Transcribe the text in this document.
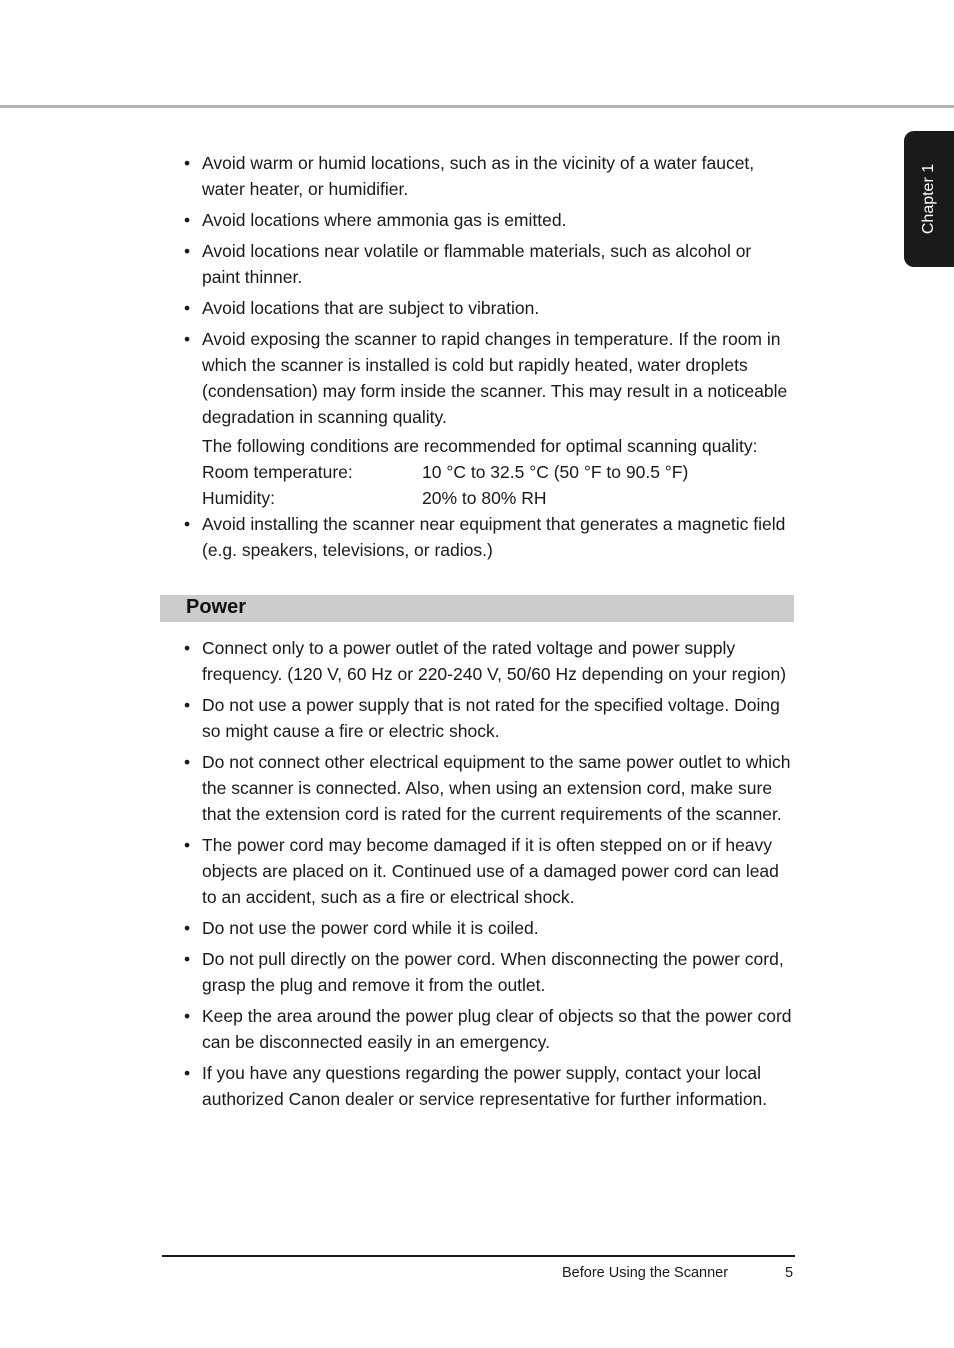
Chapter 1
• Avoid warm or humid locations, such as in the vicinity of a water faucet, water heater, or humidifier.
• Avoid locations where ammonia gas is emitted.
• Avoid locations near volatile or flammable materials, such as alcohol or paint thinner.
• Avoid locations that are subject to vibration.
• Avoid exposing the scanner to rapid changes in temperature. If the room in which the scanner is installed is cold but rapidly heated, water droplets (condensation) may form inside the scanner. This may result in a noticeable degradation in scanning quality.
The following conditions are recommended for optimal scanning quality:
Room temperature:	10 °C to 32.5 °C (50 °F to 90.5 °F)
Humidity:	20% to 80% RH
• Avoid installing the scanner near equipment that generates a magnetic field (e.g. speakers, televisions, or radios.)
Power
• Connect only to a power outlet of the rated voltage and power supply frequency. (120 V, 60 Hz or 220-240 V, 50/60 Hz depending on your region)
• Do not use a power supply that is not rated for the specified voltage. Doing so might cause a fire or electric shock.
• Do not connect other electrical equipment to the same power outlet to which the scanner is connected. Also, when using an extension cord, make sure that the extension cord is rated for the current requirements of the scanner.
• The power cord may become damaged if it is often stepped on or if heavy objects are placed on it. Continued use of a damaged power cord can lead to an accident, such as a fire or electrical shock.
• Do not use the power cord while it is coiled.
• Do not pull directly on the power cord. When disconnecting the power cord, grasp the plug and remove it from the outlet.
• Keep the area around the power plug clear of objects so that the power cord can be disconnected easily in an emergency.
• If you have any questions regarding the power supply, contact your local authorized Canon dealer or service representative for further information.
Before Using the Scanner	5
